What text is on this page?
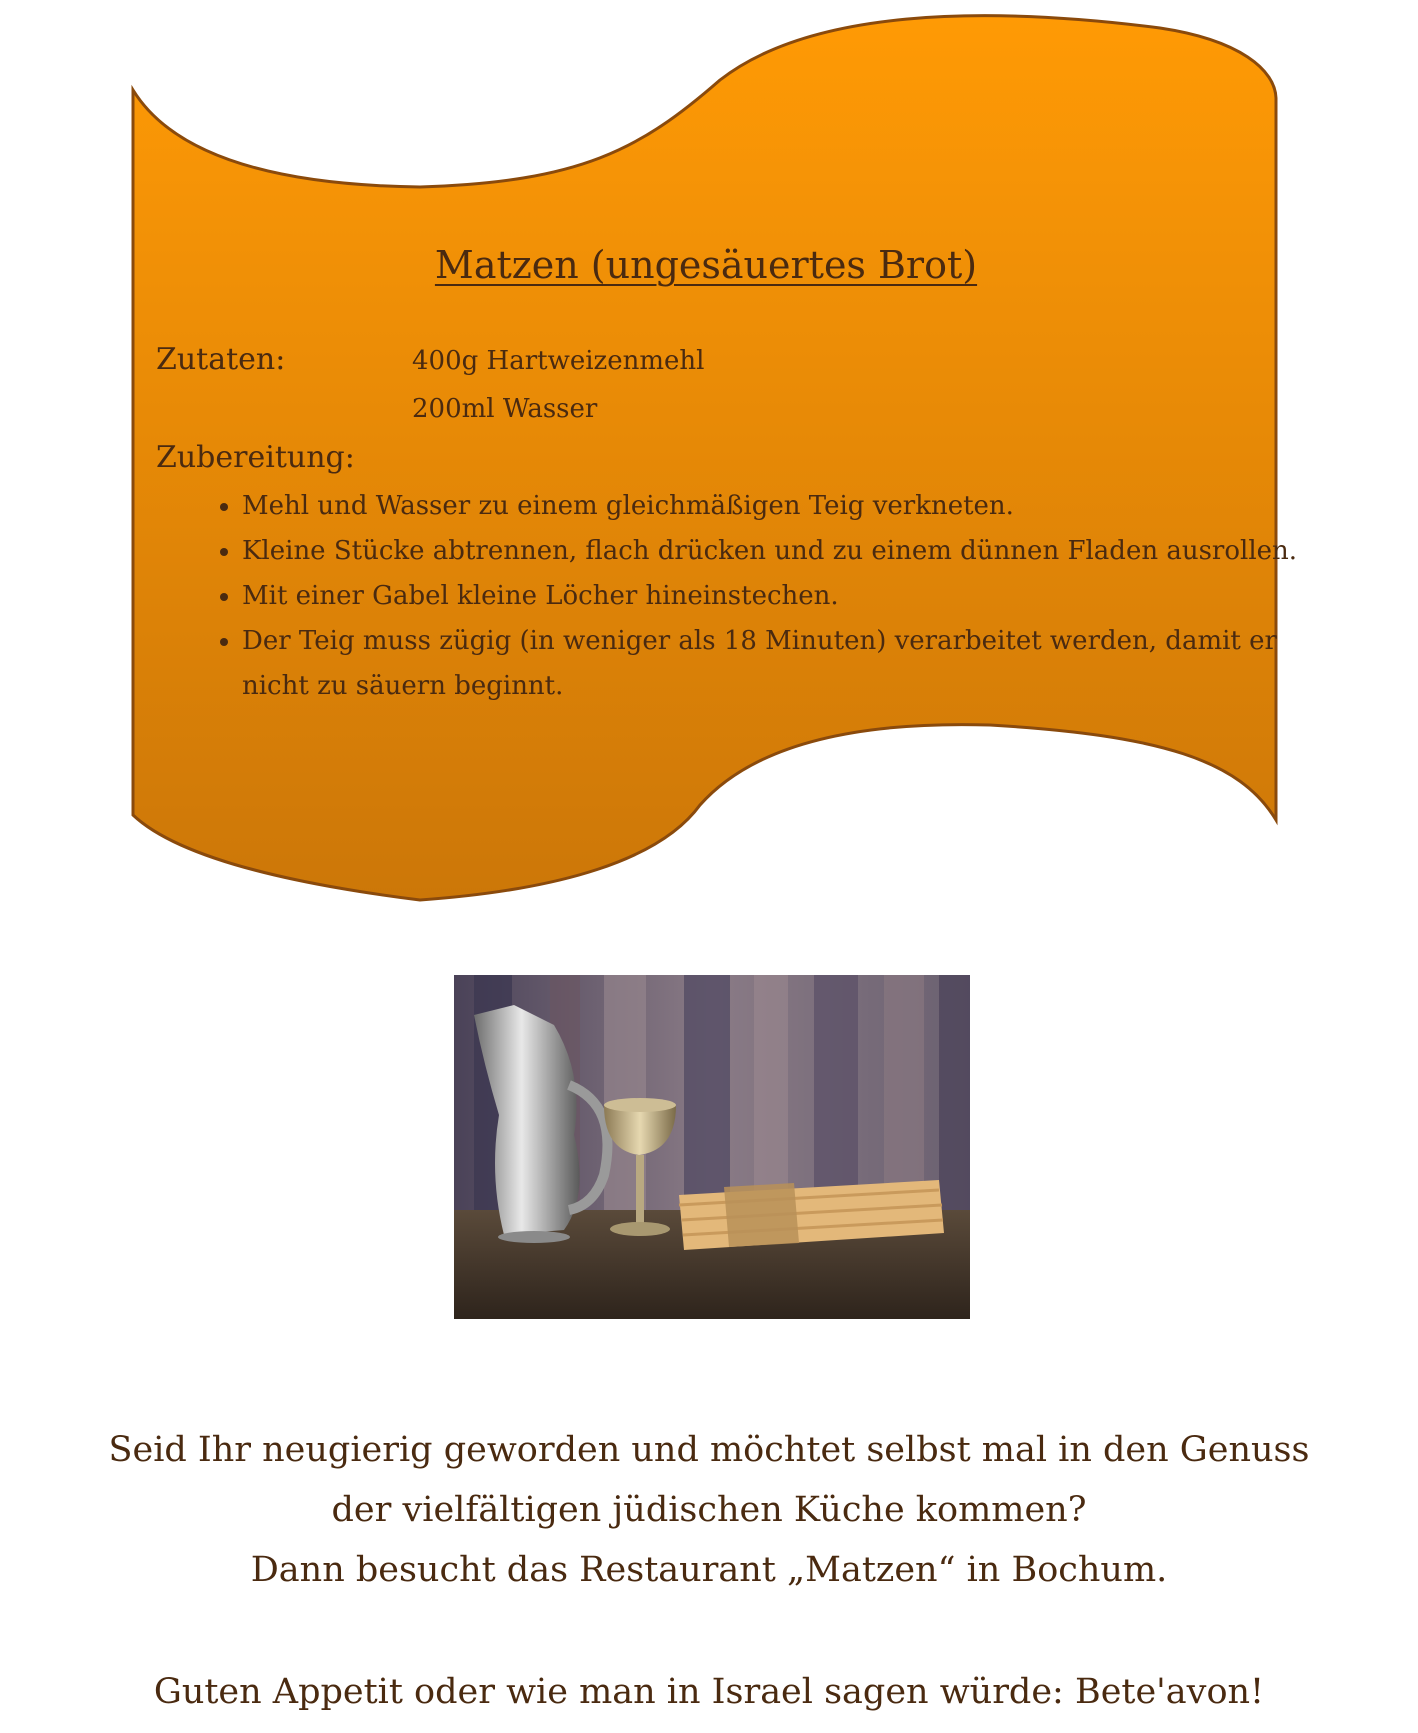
Matzen (ungesäuertes Brot)
Zutaten:	400g Hartweizenmehl
200ml Wasser
Zubereitung:
• Mehl und Wasser zu einem gleichmäßigen Teig verkneten.
• Kleine Stücke abtrennen, flach drücken und zu einem dünnen Fladen ausrollen.
• Mit einer Gabel kleine Löcher hineinstechen.
• Der Teig muss zügig (in weniger als 18 Minuten) verarbeitet werden, damit er nicht zu säuern beginnt.
Seid Ihr neugierig geworden und möchtet selbst mal in den Genuss
der vielfältigen jüdischen Küche kommen?
Dann besucht das Restaurant „Matzen“ in Bochum.
Guten Appetit oder wie man in Israel sagen würde: Bete'avon!
